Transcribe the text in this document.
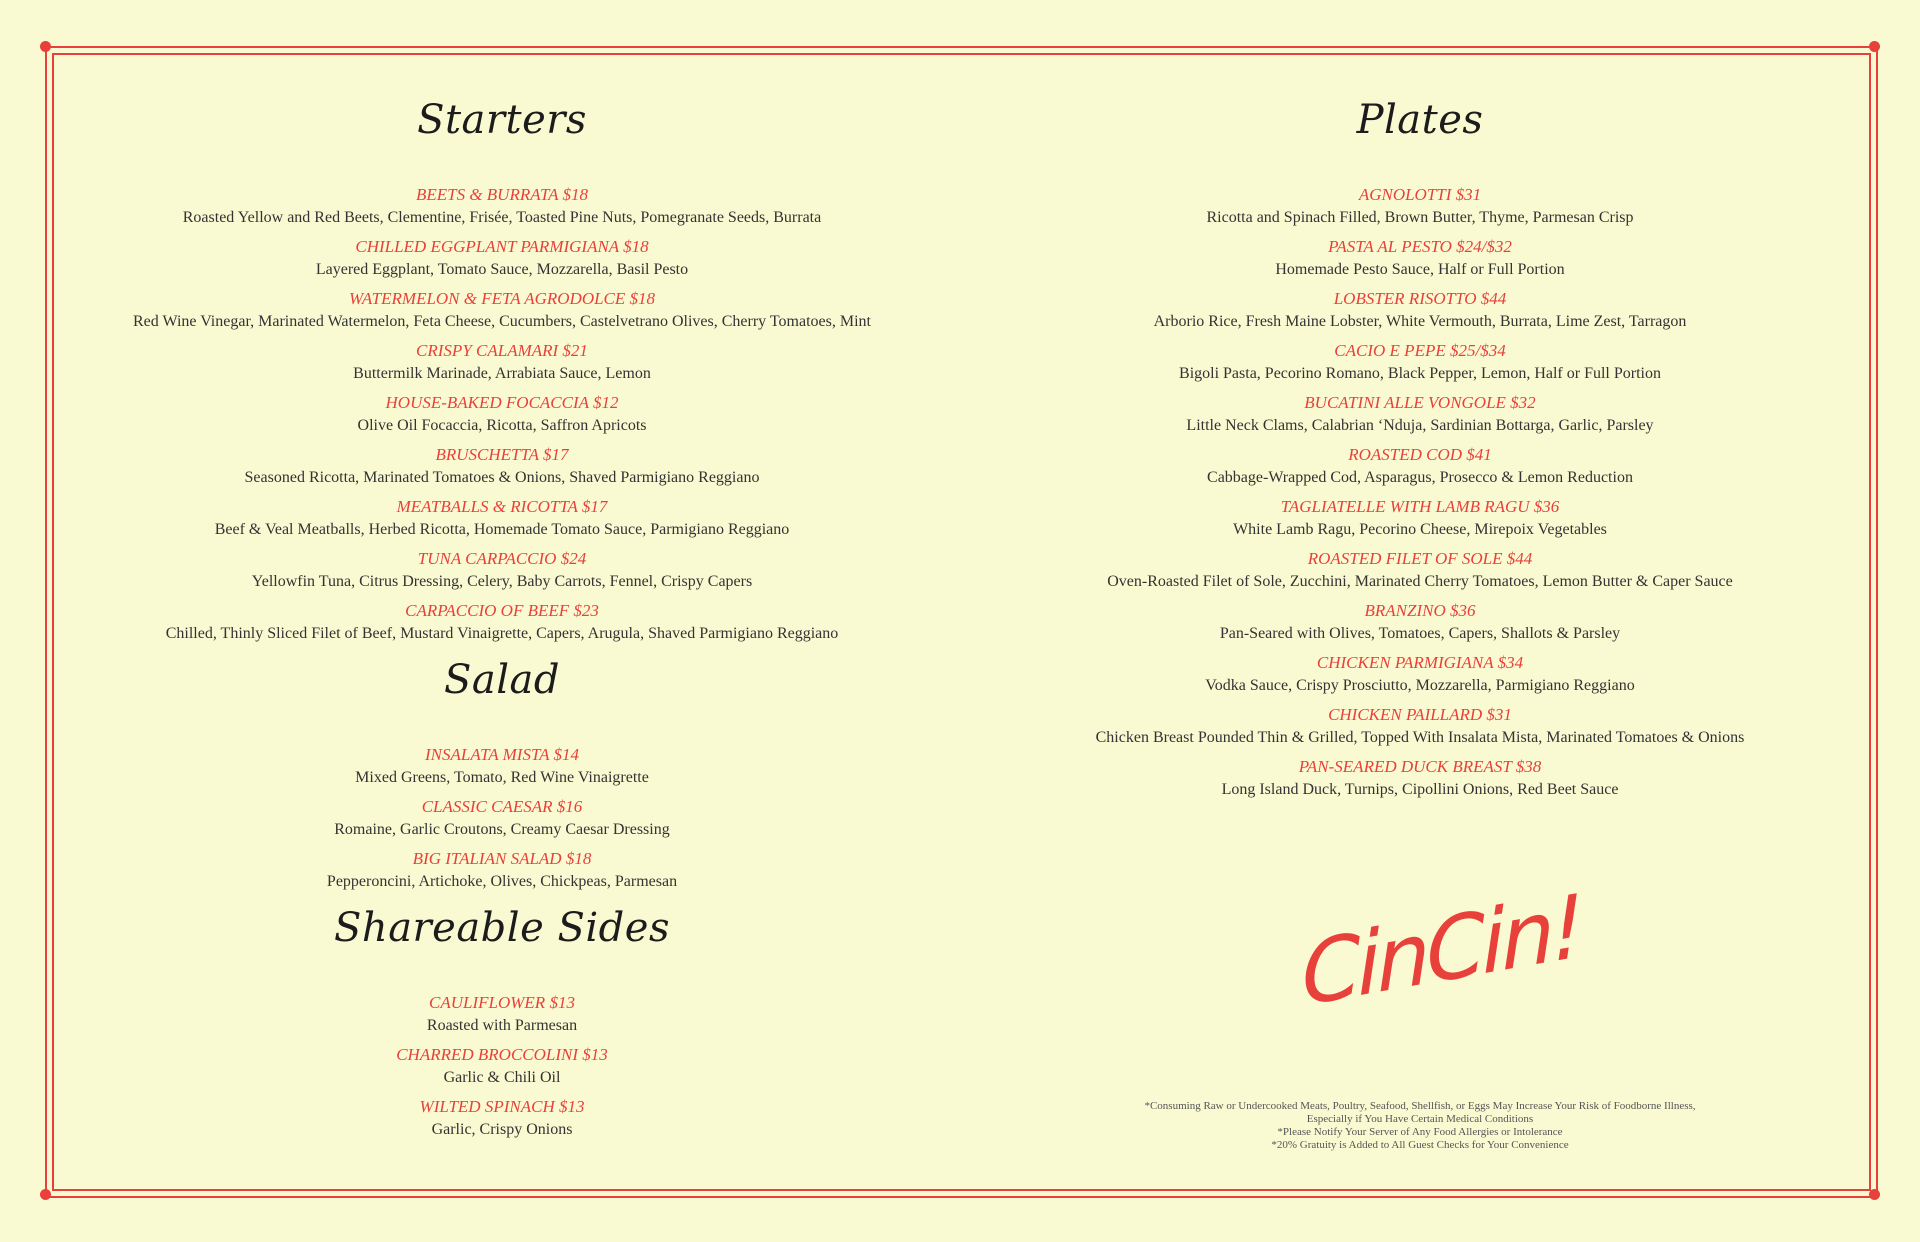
Starters
BEETS & BURRATA $18
Roasted Yellow and Red Beets, Clementine, Frisée, Toasted Pine Nuts, Pomegranate Seeds, Burrata
CHILLED EGGPLANT PARMIGIANA $18
Layered Eggplant, Tomato Sauce, Mozzarella, Basil Pesto
WATERMELON & FETA AGRODOLCE $18
Red Wine Vinegar, Marinated Watermelon, Feta Cheese, Cucumbers, Castelvetrano Olives, Cherry Tomatoes, Mint
CRISPY CALAMARI $21
Buttermilk Marinade, Arrabiata Sauce, Lemon
HOUSE-BAKED FOCACCIA $12
Olive Oil Focaccia, Ricotta, Saffron Apricots
BRUSCHETTA $17
Seasoned Ricotta, Marinated Tomatoes & Onions, Shaved Parmigiano Reggiano
MEATBALLS & RICOTTA $17
Beef & Veal Meatballs, Herbed Ricotta, Homemade Tomato Sauce, Parmigiano Reggiano
TUNA CARPACCIO $24
Yellowfin Tuna, Citrus Dressing, Celery, Baby Carrots, Fennel, Crispy Capers
CARPACCIO OF BEEF $23
Chilled, Thinly Sliced Filet of Beef, Mustard Vinaigrette, Capers, Arugula, Shaved Parmigiano Reggiano
Salad
INSALATA MISTA $14
Mixed Greens, Tomato, Red Wine Vinaigrette
CLASSIC CAESAR $16
Romaine, Garlic Croutons, Creamy Caesar Dressing
BIG ITALIAN SALAD $18
Pepperoncini, Artichoke, Olives, Chickpeas, Parmesan
Shareable Sides
CAULIFLOWER $13
Roasted with Parmesan
CHARRED BROCCOLINI $13
Garlic & Chili Oil
WILTED SPINACH $13
Garlic, Crispy Onions
Plates
AGNOLOTTI $31
Ricotta and Spinach Filled, Brown Butter, Thyme, Parmesan Crisp
PASTA AL PESTO $24/$32
Homemade Pesto Sauce, Half or Full Portion
LOBSTER RISOTTO $44
Arborio Rice, Fresh Maine Lobster, White Vermouth, Burrata, Lime Zest, Tarragon
CACIO E PEPE $25/$34
Bigoli Pasta, Pecorino Romano, Black Pepper, Lemon, Half or Full Portion
BUCATINI ALLE VONGOLE $32
Little Neck Clams, Calabrian ‘Nduja, Sardinian Bottarga, Garlic, Parsley
ROASTED COD $41
Cabbage-Wrapped Cod, Asparagus, Prosecco & Lemon Reduction
TAGLIATELLE WITH LAMB RAGU $36
White Lamb Ragu, Pecorino Cheese, Mirepoix Vegetables
ROASTED FILET OF SOLE $44
Oven-Roasted Filet of Sole, Zucchini, Marinated Cherry Tomatoes, Lemon Butter & Caper Sauce
BRANZINO $36
Pan-Seared with Olives, Tomatoes, Capers, Shallots & Parsley
CHICKEN PARMIGIANA $34
Vodka Sauce, Crispy Prosciutto, Mozzarella, Parmigiano Reggiano
CHICKEN PAILLARD $31
Chicken Breast Pounded Thin & Grilled, Topped With Insalata Mista, Marinated Tomatoes & Onions
PAN-SEARED DUCK BREAST $38
Long Island Duck, Turnips, Cipollini Onions, Red Beet Sauce
CinCin!
*Consuming Raw or Undercooked Meats, Poultry, Seafood, Shellfish, or Eggs May Increase Your Risk of Foodborne Illness,
Especially if You Have Certain Medical Conditions
*Please Notify Your Server of Any Food Allergies or Intolerance
*20% Gratuity is Added to All Guest Checks for Your Convenience
